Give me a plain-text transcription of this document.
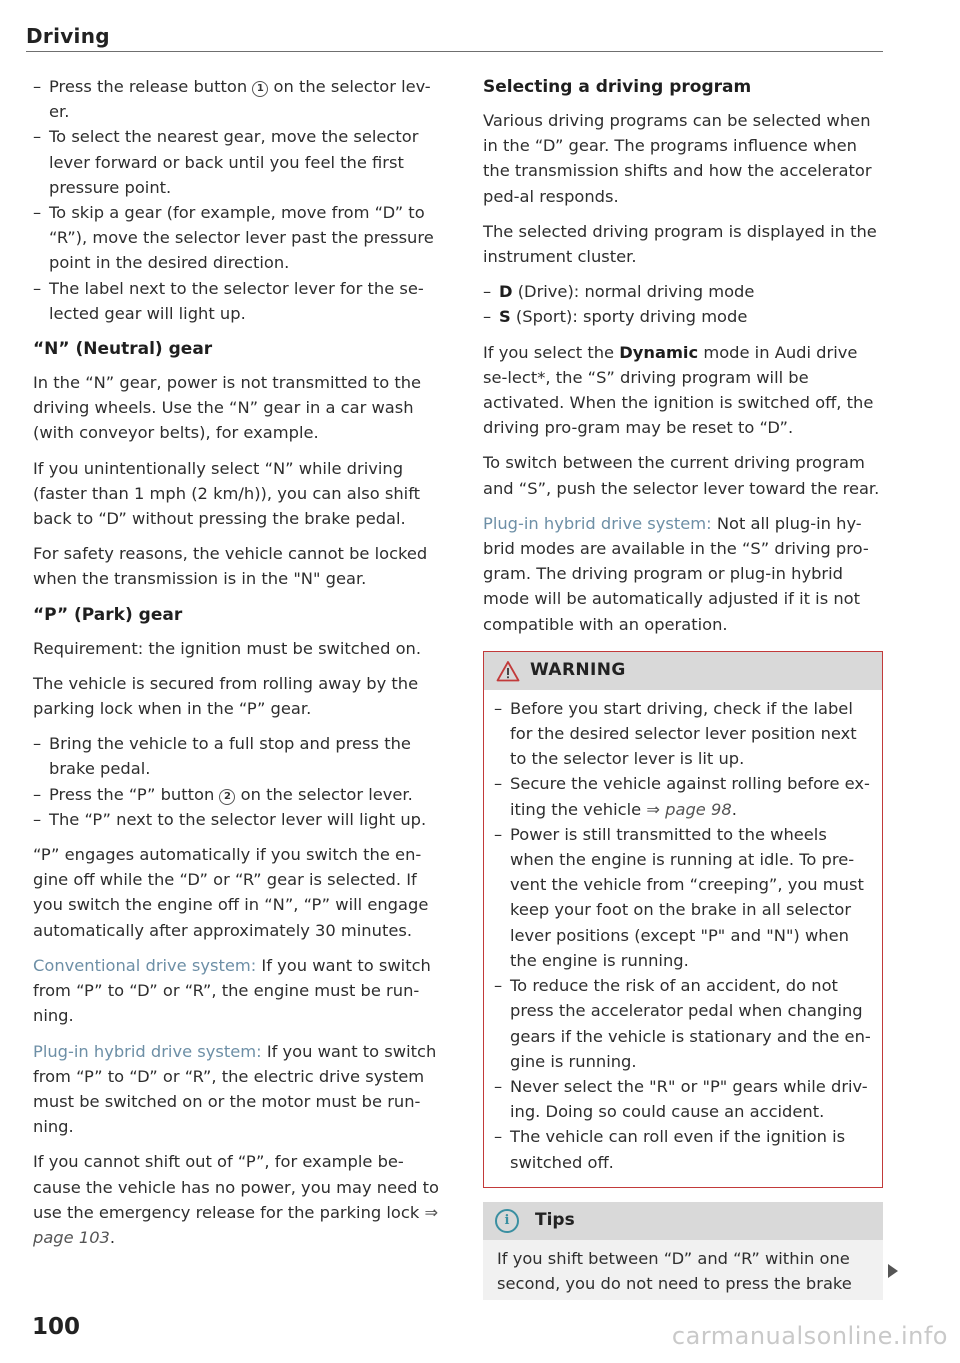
Driving
– Press the release button 1 on the selector lev-er.
– To select the nearest gear, move the selector lever forward or back until you feel the first pressure point.
– To skip a gear (for example, move from “D” to “R”), move the selector lever past the pressure point in the desired direction.
– The label next to the selector lever for the se-lected gear will light up.
“N” (Neutral) gear

In the “N” gear, power is not transmitted to the driving wheels. Use the “N” gear in a car wash (with conveyor belts), for example.

If you unintentionally select “N” while driving (faster than 1 mph (2 km/h)), you can also shift back to “D” without pressing the brake pedal.

For safety reasons, the vehicle cannot be locked when the transmission is in the "N" gear.

“P” (Park) gear

Requirement: the ignition must be switched on.

The vehicle is secured from rolling away by the parking lock when in the “P” gear.

– Bring the vehicle to a full stop and press the brake pedal.
– Press the “P” button 2 on the selector lever.
– The “P” next to the selector lever will light up.

“P” engages automatically if you switch the en-gine off while the “D” or “R” gear is selected. If you switch the engine off in “N”, “P” will engage automatically after approximately 30 minutes.

Conventional drive system: If you want to switch from “P” to “D” or “R”, the engine must be run-ning.

Plug-in hybrid drive system: If you want to switch from “P” to “D” or “R”, the electric drive system must be switched on or the motor must be run-ning.

If you cannot shift out of “P”, for example be-cause the vehicle has no power, you may need to use the emergency release for the parking lock ⇒ page 103.

Selecting a driving program

Various driving programs can be selected when in the “D” gear. The programs influence when the transmission shifts and how the accelerator ped-al responds.

The selected driving program is displayed in the instrument cluster.

– D (Drive): normal driving mode
– S (Sport): sporty driving mode

If you select the Dynamic mode in Audi drive se-lect*, the “S” driving program will be activated. When the ignition is switched off, the driving pro-gram may be reset to “D”.

To switch between the current driving program and “S”, push the selector lever toward the rear.

Plug-in hybrid drive system: Not all plug-in hy-brid modes are available in the “S” driving pro-gram. The driving program or plug-in hybrid mode will be automatically adjusted if it is not compatible with an operation.

WARNING
– Before you start driving, check if the label for the desired selector lever position next to the selector lever is lit up.
– Secure the vehicle against rolling before ex-iting the vehicle ⇒ page 98.
– Power is still transmitted to the wheels when the engine is running at idle. To pre-vent the vehicle from “creeping”, you must keep your foot on the brake in all selector lever positions (except "P" and "N") when the engine is running.
– To reduce the risk of an accident, do not press the accelerator pedal when changing gears if the vehicle is stationary and the en-gine is running.
– Never select the "R" or "P" gears while driv-ing. Doing so could cause an accident.
– The vehicle can roll even if the ignition is switched off.
i	Tips

If you shift between “D” and “R” within one second, you do not need to press the brake

100	carmanualsonline.info
